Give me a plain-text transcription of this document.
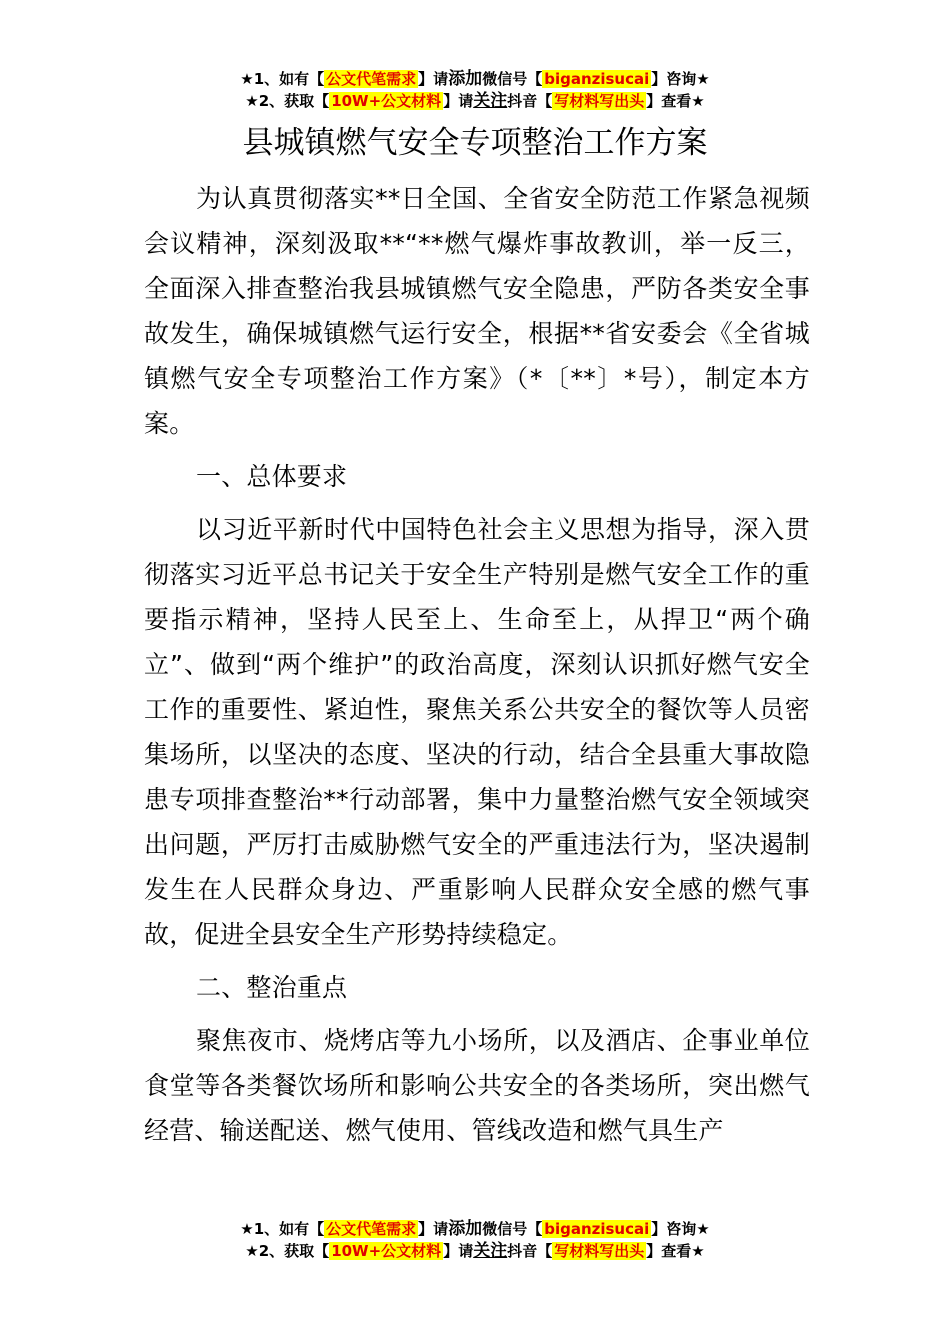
★1、如有【 公文代笔需求 】请添加微信号【 biganzisucai 】咨询★
★2、获取【 10W+公文材料 】请关注抖音【 写材料写出头 】查看★
县城镇燃气安全专项整治工作方案

为认真贯彻落实**日全国、全省安全防范工作紧急视频会议精神，深刻汲取**“**燃气爆炸事故教训，举一反三，全面深入排查整治我县城镇燃气安全隐患，严防各类安全事故发生，确保城镇燃气运行安全，根据**省安委会《全省城镇燃气安全专项整治工作方案》（*〔**〕*号），制定本方案。

一、总体要求

以习近平新时代中国特色社会主义思想为指导，深入贯彻落实习近平总书记关于安全生产特别是燃气安全工作的重要指示精神，坚持人民至上、生命至上，从捍卫“两个确立”、做到“两个维护”的政治高度，深刻认识抓好燃气安全工作的重要性、紧迫性，聚焦关系公共安全的餐饮等人员密集场所，以坚决的态度、坚决的行动，结合全县重大事故隐患专项排查整治**行动部署，集中力量整治燃气安全领域突出问题，严厉打击威胁燃气安全的严重违法行为，坚决遏制发生在人民群众身边、严重影响人民群众安全感的燃气事故，促进全县安全生产形势持续稳定。

二、整治重点

聚焦夜市、烧烤店等九小场所，以及酒店、企事业单位食堂等各类餐饮场所和影响公共安全的各类场所，突出燃气经营、输送配送、燃气使用、管线改造和燃气具生产

★1、如有【 公文代笔需求 】请添加微信号【 biganzisucai 】咨询★
★2、获取【 10W+公文材料 】请关注抖音【 写材料写出头 】查看★
